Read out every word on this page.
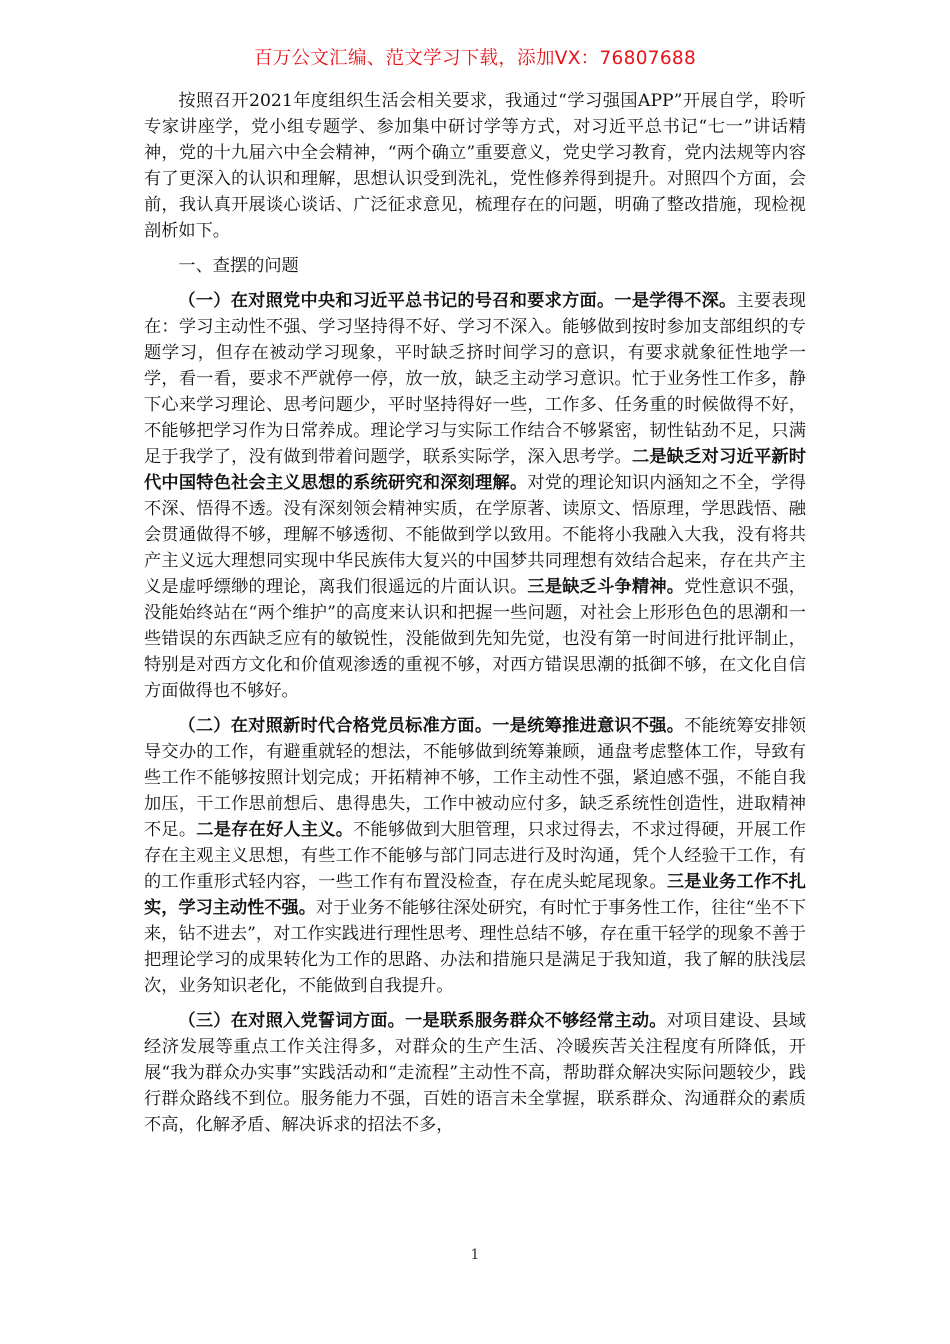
百万公文汇编、范文学习下载，添加VX：76807688

按照召开2021年度组织生活会相关要求，我通过“学习强国APP”开展自学，聆听专家讲座学，党小组专题学、参加集中研讨学等方式，对习近平总书记“七一”讲话精神，党的十九届六中全会精神，“两个确立”重要意义，党史学习教育，党内法规等内容有了更深入的认识和理解，思想认识受到洗礼，党性修养得到提升。对照四个方面，会前，我认真开展谈心谈话、广泛征求意见，梳理存在的问题，明确了整改措施，现检视剖析如下。

一、查摆的问题

（一）在对照党中央和习近平总书记的号召和要求方面。一是学得不深。主要表现在：学习主动性不强、学习坚持得不好、学习不深入。能够做到按时参加支部组织的专题学习，但存在被动学习现象，平时缺乏挤时间学习的意识，有要求就象征性地学一学，看一看，要求不严就停一停，放一放，缺乏主动学习意识。忙于业务性工作多，静下心来学习理论、思考问题少，平时坚持得好一些，工作多、任务重的时候做得不好，不能够把学习作为日常养成。理论学习与实际工作结合不够紧密，韧性钻劲不足，只满足于我学了，没有做到带着问题学，联系实际学，深入思考学。二是缺乏对习近平新时代中国特色社会主义思想的系统研究和深刻理解。对党的理论知识内涵知之不全，学得不深、悟得不透。没有深刻领会精神实质，在学原著、读原文、悟原理，学思践悟、融会贯通做得不够，理解不够透彻、不能做到学以致用。不能将小我融入大我，没有将共产主义远大理想同实现中华民族伟大复兴的中国梦共同理想有效结合起来，存在共产主义是虚呼缥缈的理论，离我们很遥远的片面认识。三是缺乏斗争精神。党性意识不强，没能始终站在“两个维护”的高度来认识和把握一些问题，对社会上形形色色的思潮和一些错误的东西缺乏应有的敏锐性，没能做到先知先觉，也没有第一时间进行批评制止，特别是对西方文化和价值观渗透的重视不够，对西方错误思潮的抵御不够，在文化自信方面做得也不够好。

（二）在对照新时代合格党员标准方面。一是统筹推进意识不强。不能统筹安排领导交办的工作，有避重就轻的想法，不能够做到统筹兼顾，通盘考虑整体工作，导致有些工作不能够按照计划完成；开拓精神不够，工作主动性不强，紧迫感不强，不能自我加压，干工作思前想后、患得患失，工作中被动应付多，缺乏系统性创造性，进取精神不足。二是存在好人主义。不能够做到大胆管理，只求过得去，不求过得硬，开展工作存在主观主义思想，有些工作不能够与部门同志进行及时沟通，凭个人经验干工作，有的工作重形式轻内容，一些工作有布置没检查，存在虎头蛇尾现象。三是业务工作不扎实，学习主动性不强。对于业务不能够往深处研究，有时忙于事务性工作，往往“坐不下来，钻不进去”，对工作实践进行理性思考、理性总结不够，存在重干轻学的现象不善于把理论学习的成果转化为工作的思路、办法和措施只是满足于我知道，我了解的肤浅层次，业务知识老化，不能做到自我提升。

（三）在对照入党誓词方面。一是联系服务群众不够经常主动。对项目建设、县域经济发展等重点工作关注得多，对群众的生产生活、冷暖疾苦关注程度有所降低，开展“我为群众办实事”实践活动和“走流程”主动性不高，帮助群众解决实际问题较少，践行群众路线不到位。服务能力不强，百姓的语言未全掌握，联系群众、沟通群众的素质不高，化解矛盾、解决诉求的招法不多，

1
